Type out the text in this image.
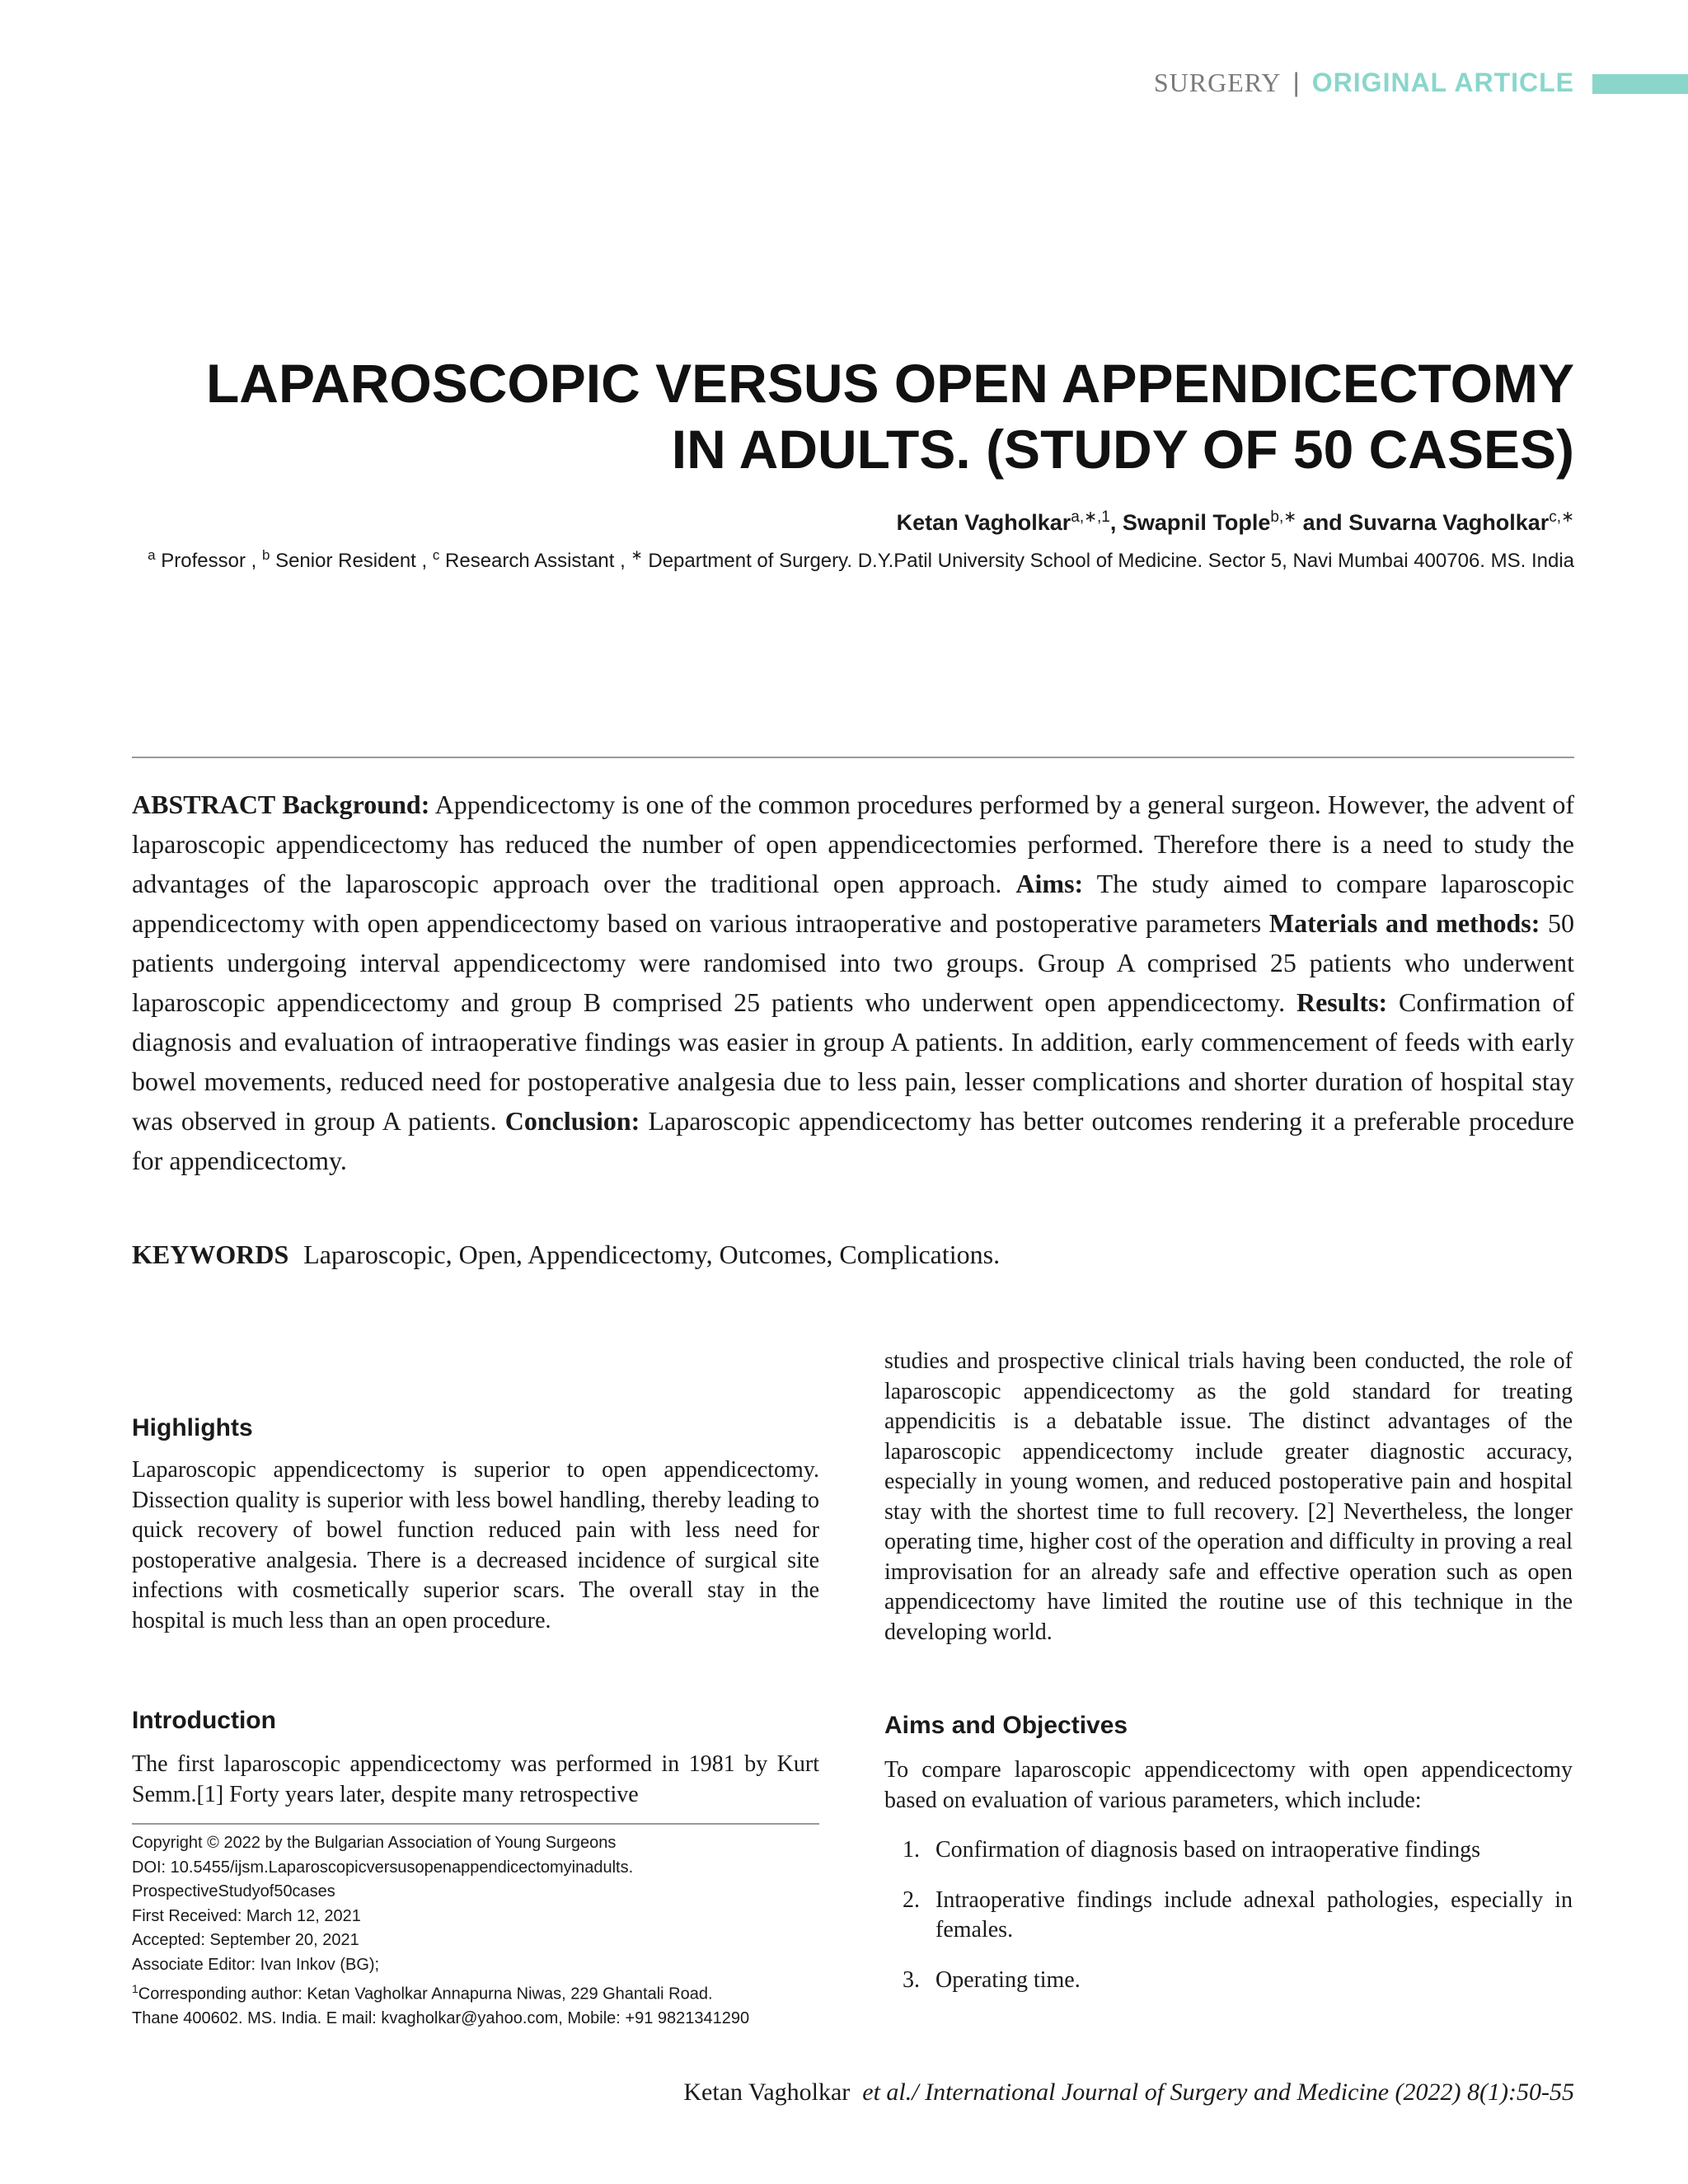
SURGERY | ORIGINAL ARTICLE
LAPAROSCOPIC VERSUS OPEN APPENDICECTOMY
IN ADULTS. (STUDY OF 50 CASES)
Ketan Vagholkar$^{a,∗,1}$, Swapnil Tople$^{b,∗}$ and Suvarna Vagholkar$^{c,∗}$
$^a$ Professor , $^b$ Senior Resident , $^c$ Research Assistant , ∗ Department of Surgery. D.Y.Patil University School of Medicine. Sector 5, Navi Mumbai 400706. MS. India
ABSTRACT Background: Appendicectomy is one of the common procedures performed by a general surgeon. However, the advent of laparoscopic appendicectomy has reduced the number of open appendicectomies performed. Therefore there is a need to study the advantages of the laparoscopic approach over the traditional open approach. Aims: The study aimed to compare laparoscopic appendicectomy with open appendicectomy based on various intraoperative and postoperative parameters Materials and methods: 50 patients undergoing interval appendicectomy were randomised into two groups. Group A comprised 25 patients who underwent laparoscopic appendicectomy and group B comprised 25 patients who underwent open appendicectomy. Results: Confirmation of diagnosis and evaluation of intraoperative findings was easier in group A patients. In addition, early commencement of feeds with early bowel movements, reduced need for postoperative analgesia due to less pain, lesser complications and shorter duration of hospital stay was observed in group A patients. Conclusion: Laparoscopic appendicectomy has better outcomes rendering it a preferable procedure for appendicectomy.
KEYWORDS Laparoscopic, Open, Appendicectomy, Outcomes, Complications.
Highlights

Laparoscopic appendicectomy is superior to open appendicectomy. Dissection quality is superior with less bowel handling, thereby leading to quick recovery of bowel function reduced pain with less need for postoperative analgesia. There is a decreased incidence of surgical site infections with cosmetically superior scars. The overall stay in the hospital is much less than an open procedure.

Introduction

The first laparoscopic appendicectomy was performed in 1981 by Kurt Semm.[1] Forty years later, despite many retrospective

Copyright © 2022 by the Bulgarian Association of Young Surgeons
DOI: 10.5455/ijsm.Laparoscopicversusopenappendicectomyinadults.
ProspectiveStudyof50cases
First Received: March 12, 2021
Accepted: September 20, 2021
Associate Editor: Ivan Inkov (BG);
$^1$Corresponding author: Ketan Vagholkar Annapurna Niwas, 229 Ghantali Road.
Thane 400602. MS. India. E mail: kvagholkar@yahoo.com, Mobile: +91 9821341290

studies and prospective clinical trials having been conducted, the role of laparoscopic appendicectomy as the gold standard for treating appendicitis is a debatable issue. The distinct advantages of the laparoscopic appendicectomy include greater diagnostic accuracy, especially in young women, and reduced postoperative pain and hospital stay with the shortest time to full recovery. [2] Nevertheless, the longer operating time, higher cost of the operation and difficulty in proving a real improvisation for an already safe and effective operation such as open appendicectomy have limited the routine use of this technique in the developing world.

Aims and Objectives

To compare laparoscopic appendicectomy with open appendicectomy based on evaluation of various parameters, which include:

1. Confirmation of diagnosis based on intraoperative findings
2. Intraoperative findings include adnexal pathologies, especially in females.
3. Operating time.
Ketan Vagholkar et al./ International Journal of Surgery and Medicine (2022) 8(1):50-55
